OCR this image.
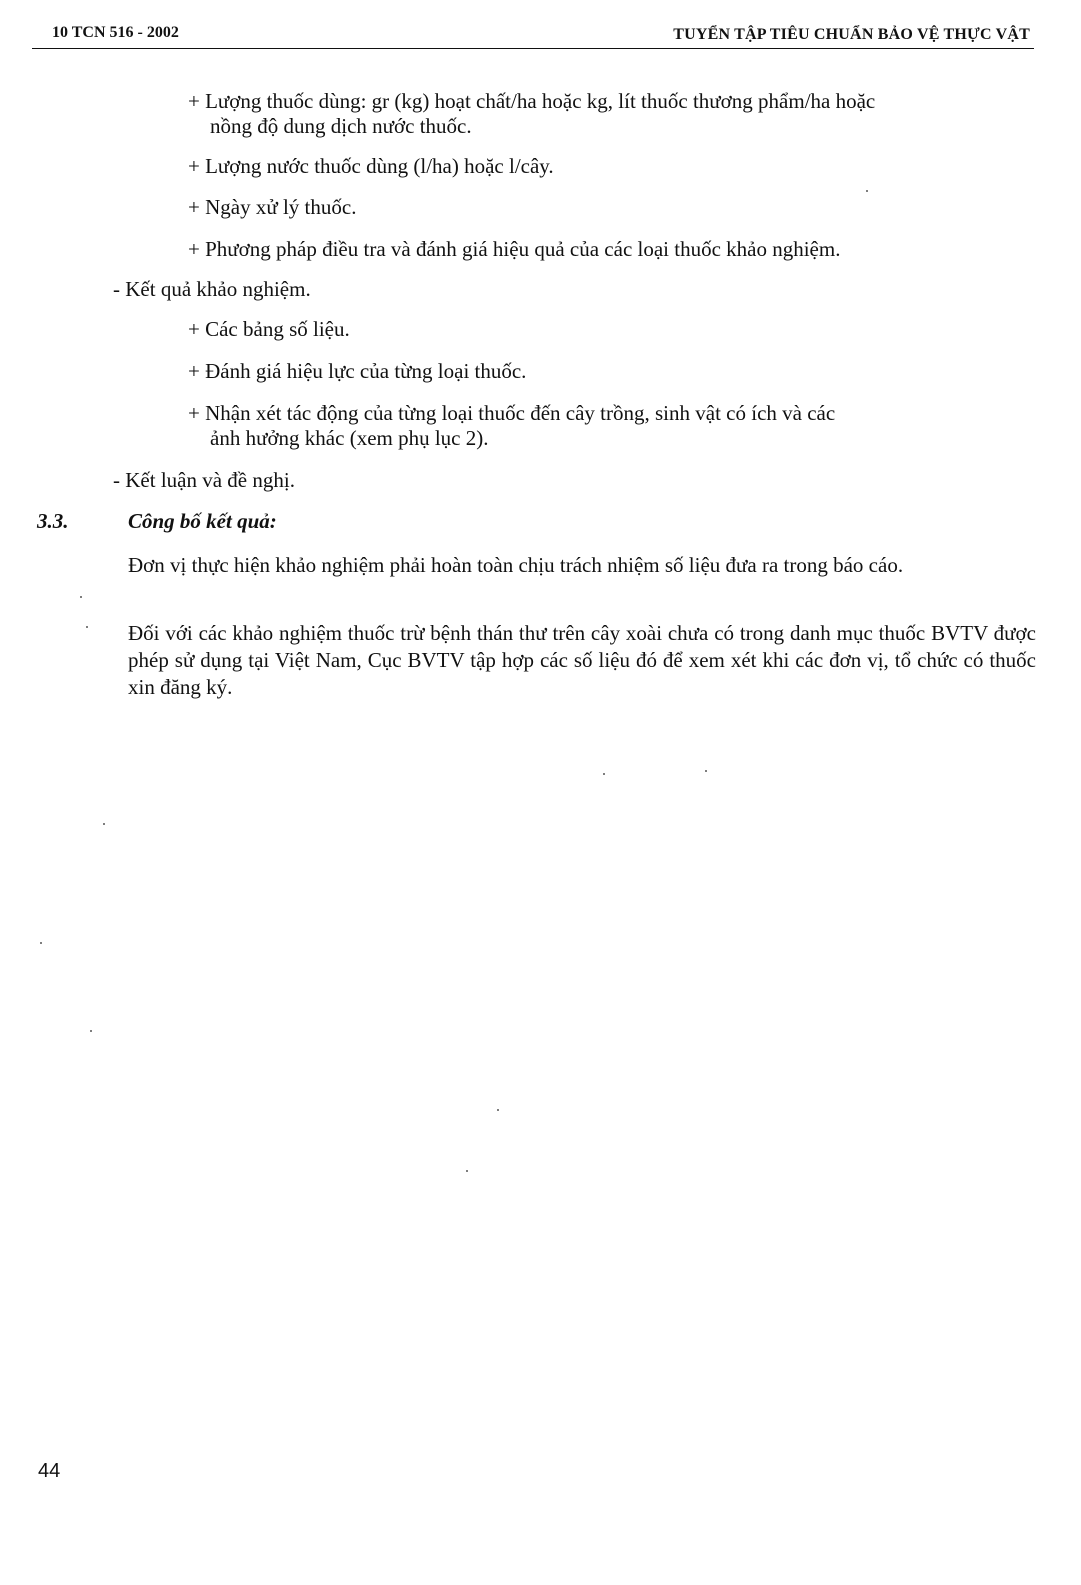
10 TCN 516 - 2002	TUYỂN TẬP TIÊU CHUẨN BẢO VỆ THỰC VẬT
+ Lượng thuốc dùng: gr (kg) hoạt chất/ha hoặc kg, lít thuốc thương phẩm/ha hoặc
nồng độ dung dịch nước thuốc.
+ Lượng nước thuốc dùng (l/ha) hoặc l/cây.
+ Ngày xử lý thuốc.
+ Phương pháp điều tra và đánh giá hiệu quả của các loại thuốc khảo nghiệm.
- Kết quả khảo nghiệm.
+ Các bảng số liệu.
+ Đánh giá hiệu lực của từng loại thuốc.
+ Nhận xét tác động của từng loại thuốc đến cây trồng, sinh vật có ích và các
ảnh hưởng khác (xem phụ lục 2).
- Kết luận và đề nghị.
3.3.	Công bố kết quả:
Đơn vị thực hiện khảo nghiệm phải hoàn toàn chịu trách nhiệm số liệu đưa ra trong báo cáo.
Đối với các khảo nghiệm thuốc trừ bệnh thán thư trên cây xoài chưa có trong danh mục thuốc BVTV được phép sử dụng tại Việt Nam, Cục BVTV tập hợp các số liệu đó để xem xét khi các đơn vị, tổ chức có thuốc xin đăng ký.
44
